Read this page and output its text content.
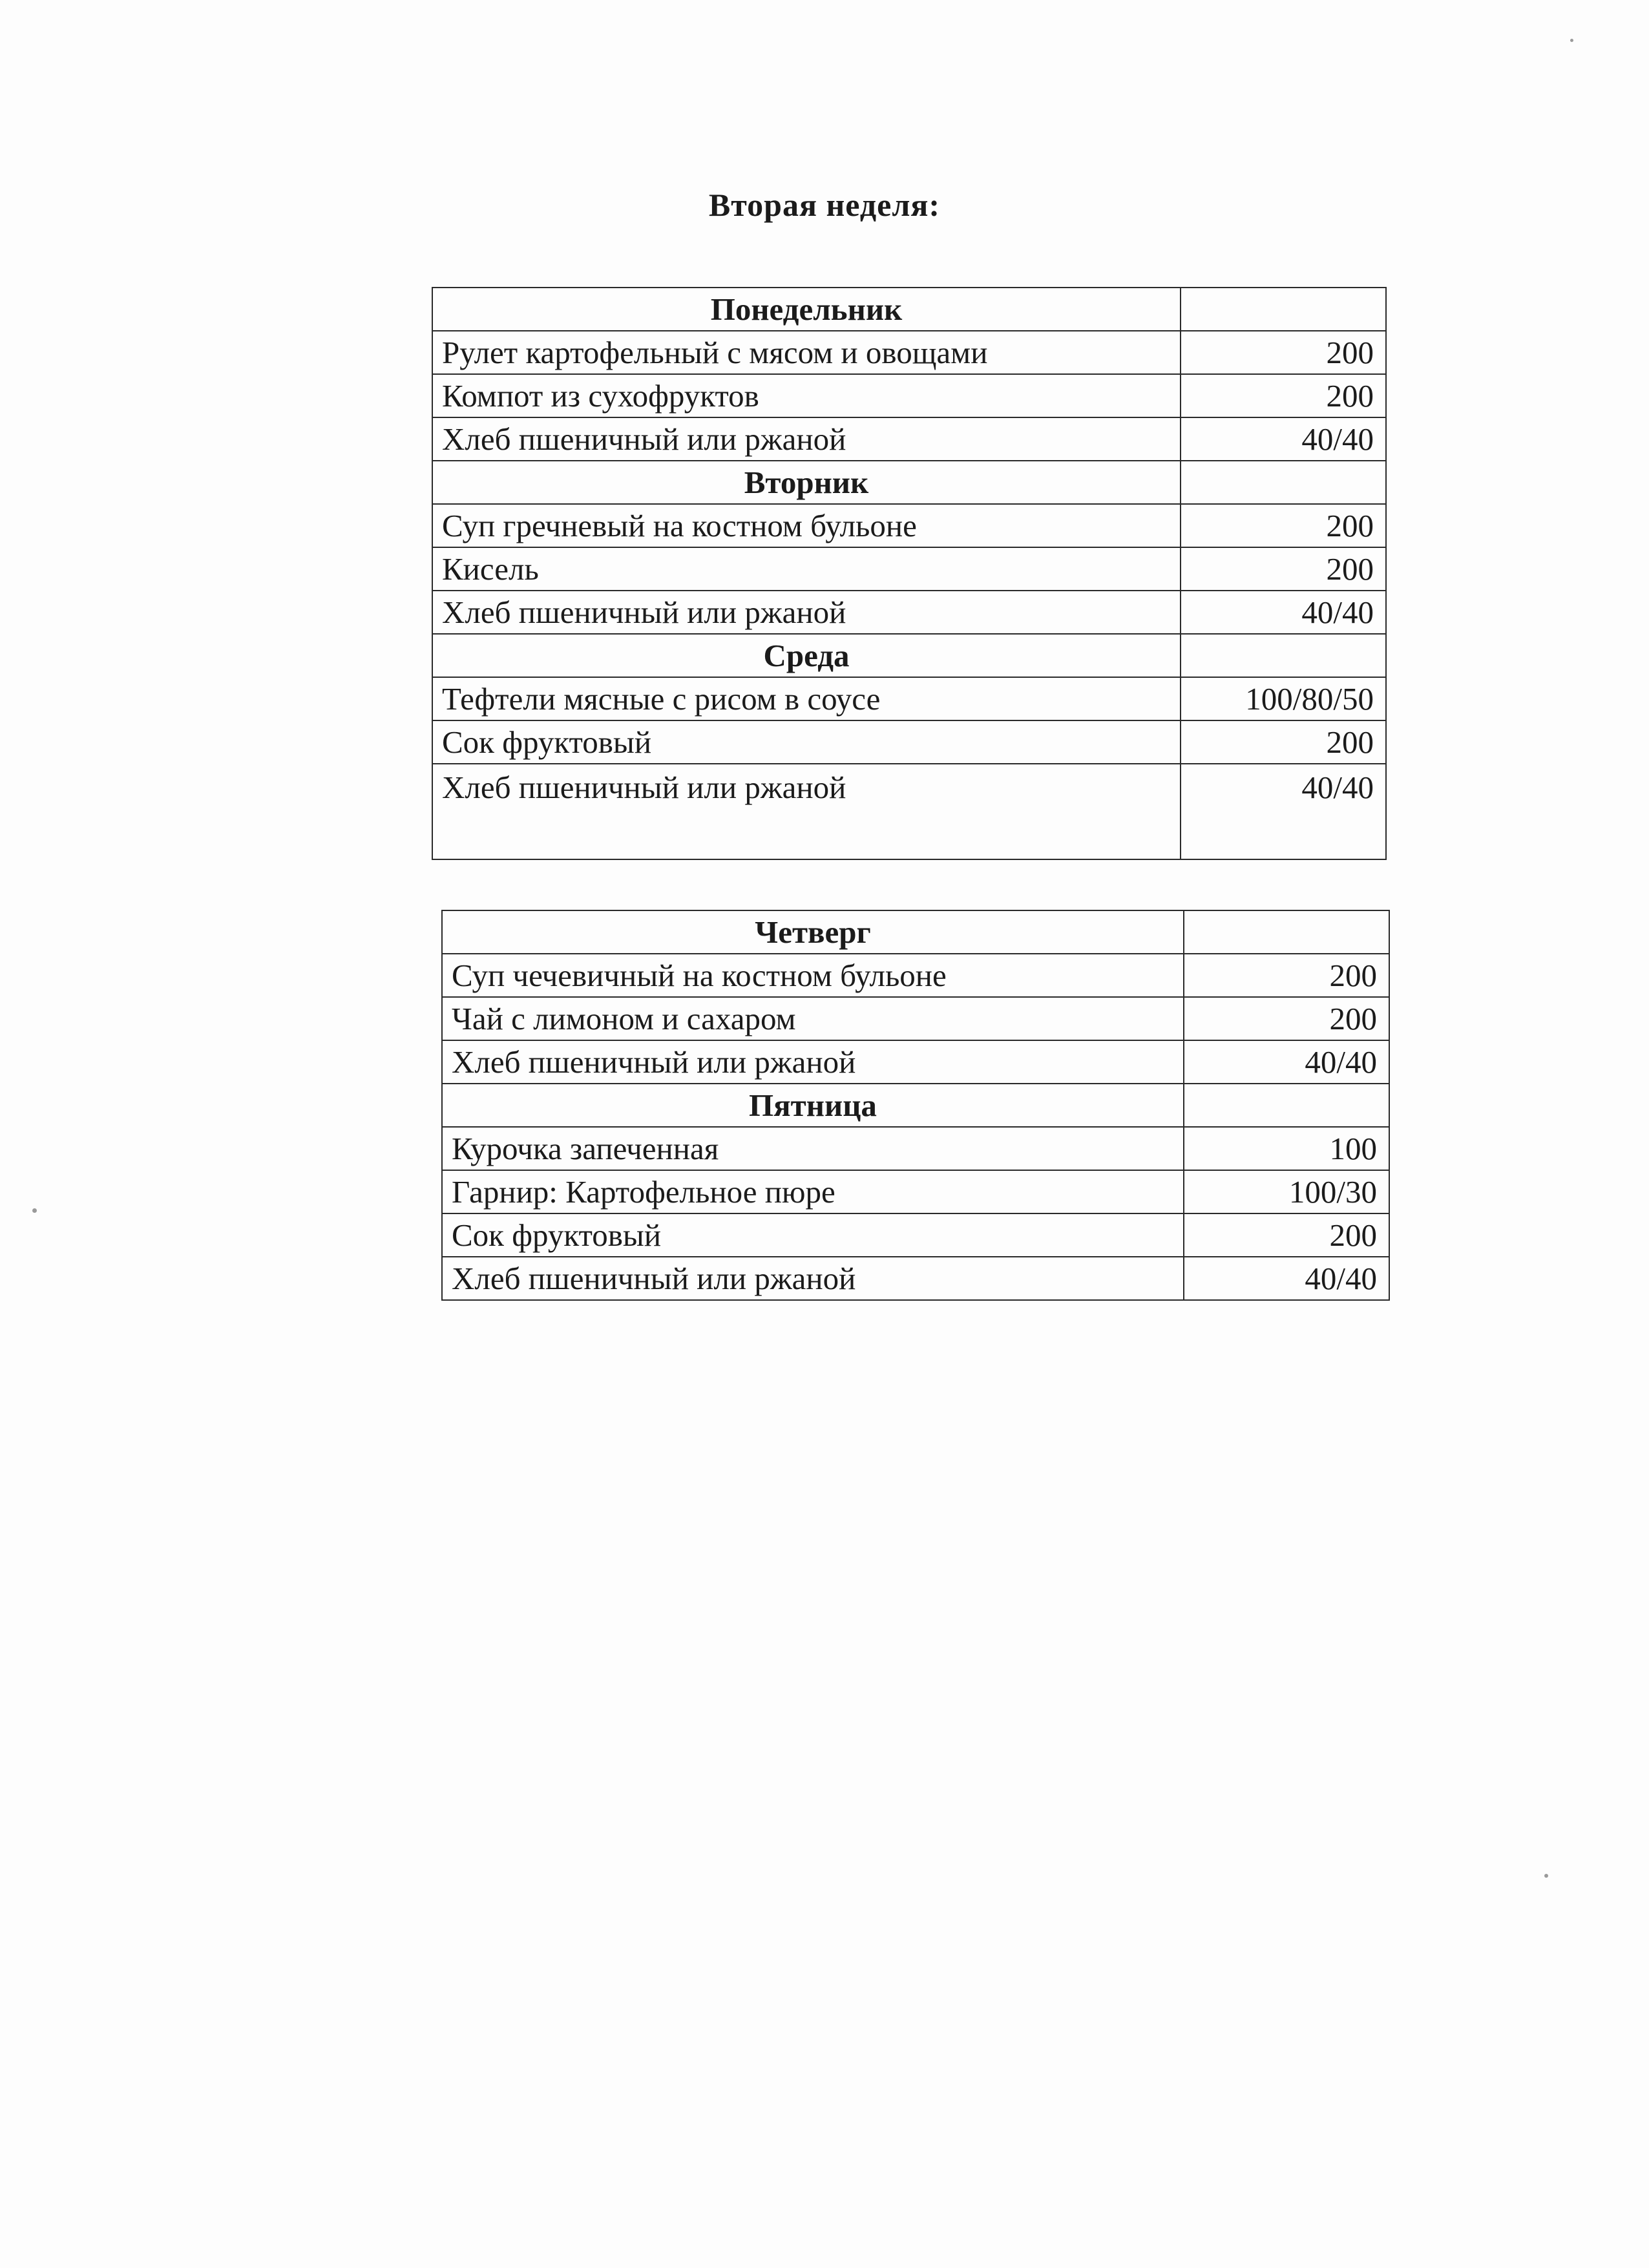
Вторая неделя:
Понедельник	
Рулет картофельный с мясом и овощами	200
Компот из сухофруктов	200
Хлеб пшеничный или ржаной	40/40
Вторник	
Суп гречневый на костном бульоне	200
Кисель	200
Хлеб пшеничный или ржаной	40/40
Среда	
Тефтели мясные с рисом в соусе	100/80/50
Сок фруктовый	200
Хлеб пшеничный или ржаной	40/40
Четверг	
Суп чечевичный на костном бульоне	200
Чай с лимоном и сахаром	200
Хлеб пшеничный или ржаной	40/40
Пятница	
Курочка запеченная	100
Гарнир: Картофельное пюре	100/30
Сок фруктовый	200
Хлеб пшеничный или ржаной	40/40
